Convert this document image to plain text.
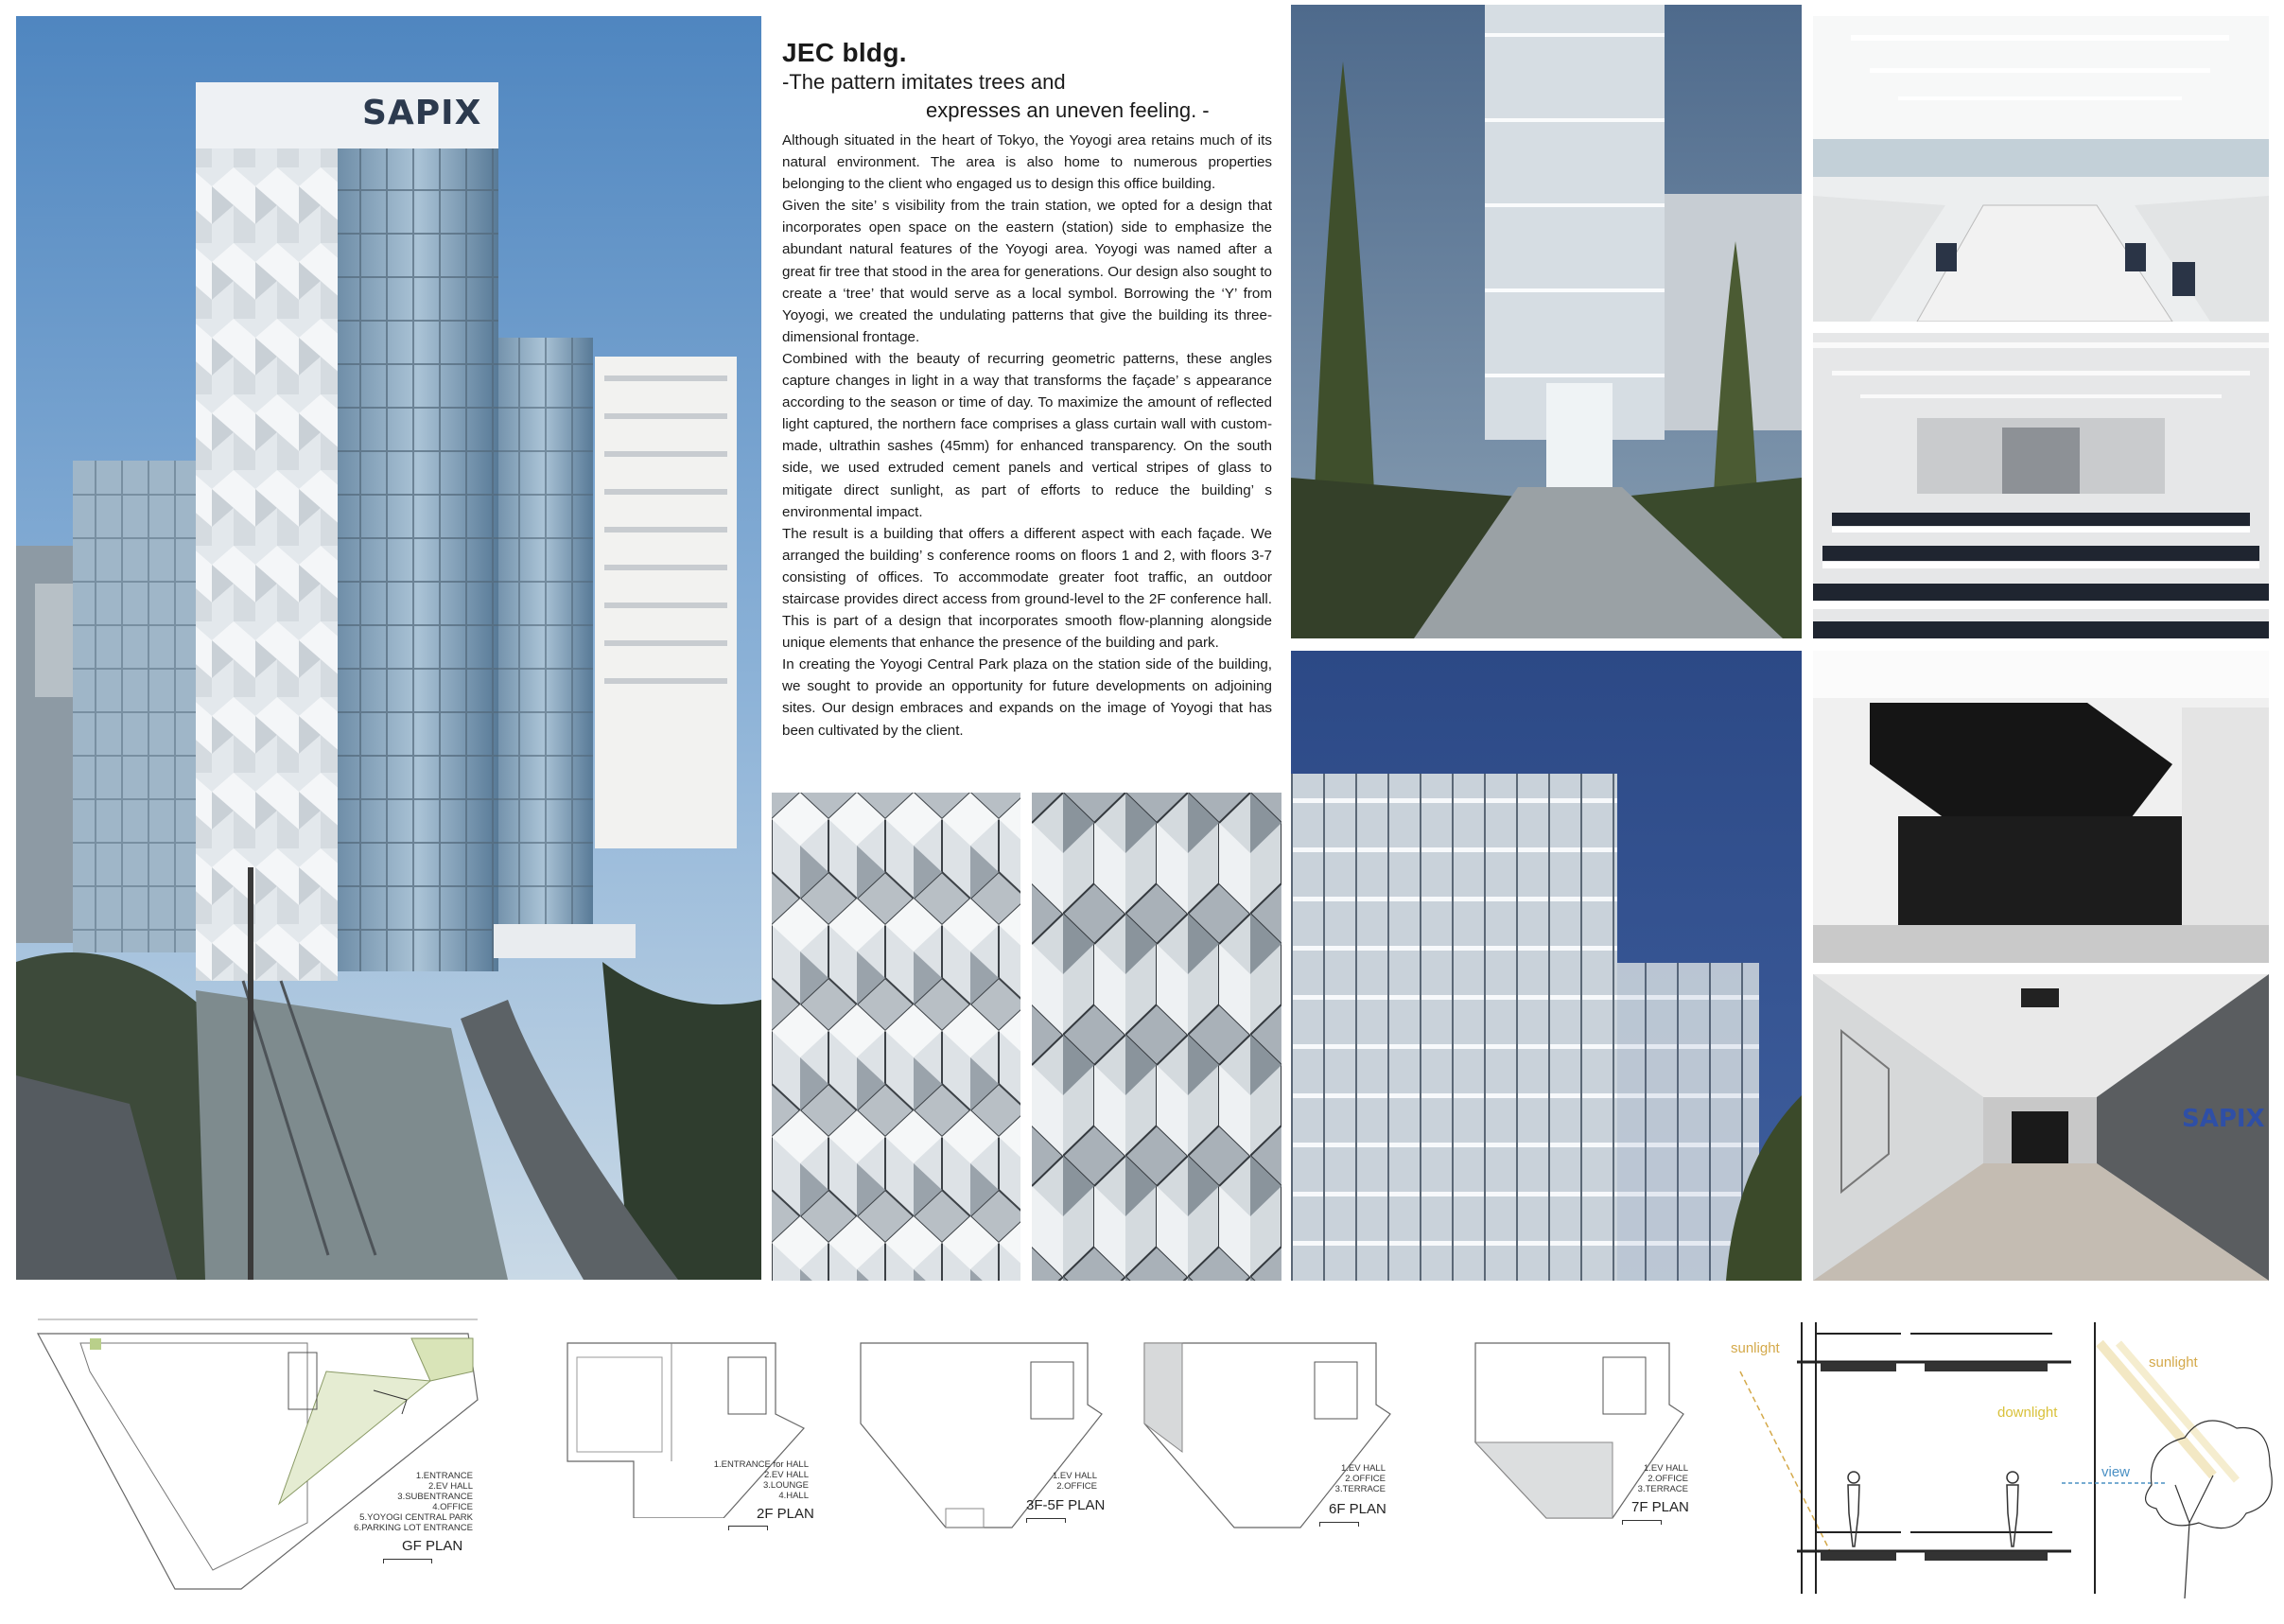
SAPIX
JEC bldg.
-The pattern imitates trees and
expresses an uneven feeling. -

Although situated in the heart of Tokyo, the Yoyogi area retains much of its natural environment. The area is also home to numerous properties belonging to the client who engaged us to design this office building.

Given the site’ s visibility from the train station, we opted for a design that incorporates open space on the eastern (station) side to emphasize the abundant natural features of the Yoyogi area. Yoyogi was named after a great fir tree that stood in the area for generations. Our design also sought to create a ‘tree’ that would serve as a local symbol. Borrowing the ‘Y’ from Yoyogi, we created the undulating patterns that give the building its three-dimensional frontage.

Combined with the beauty of recurring geometric patterns, these angles capture changes in light in a way that transforms the façade’ s appearance according to the season or time of day. To maximize the amount of reflected light captured, the northern face comprises a glass curtain wall with custom-made, ultrathin sashes (45mm) for enhanced transparency. On the south side, we used extruded cement panels and vertical stripes of glass to mitigate direct sunlight, as part of efforts to reduce the building’ s environmental impact.

The result is a building that offers a different aspect with each façade. We arranged the building’ s conference rooms on floors 1 and 2, with floors 3-7 consisting of offices. To accommodate greater foot traffic, an outdoor staircase provides direct access from ground-level to the 2F conference hall. This is part of a design that incorporates smooth flow-planning alongside unique elements that enhance the presence of the building and park.

In creating the Yoyogi Central Park plaza on the station side of the building, we sought to provide an opportunity for future developments on adjoining sites. Our design embraces and expands on the image of Yoyogi that has been cultivated by the client.

SAPIX
1.ENTRANCE
2.EV HALL
3.SUBENTRANCE
4.OFFICE
5.YOYOGI CENTRAL PARK
6.PARKING LOT ENTRANCE
GF PLAN
1.ENTRANCE for HALL
2.EV HALL
3.LOUNGE
4.HALL
2F PLAN
1.EV HALL
2.OFFICE
3F-5F PLAN
1.EV HALL
2.OFFICE
3.TERRACE
6F PLAN
1.EV HALL
2.OFFICE
3.TERRACE
7F PLAN
sunlight
sunlight
downlight
view
